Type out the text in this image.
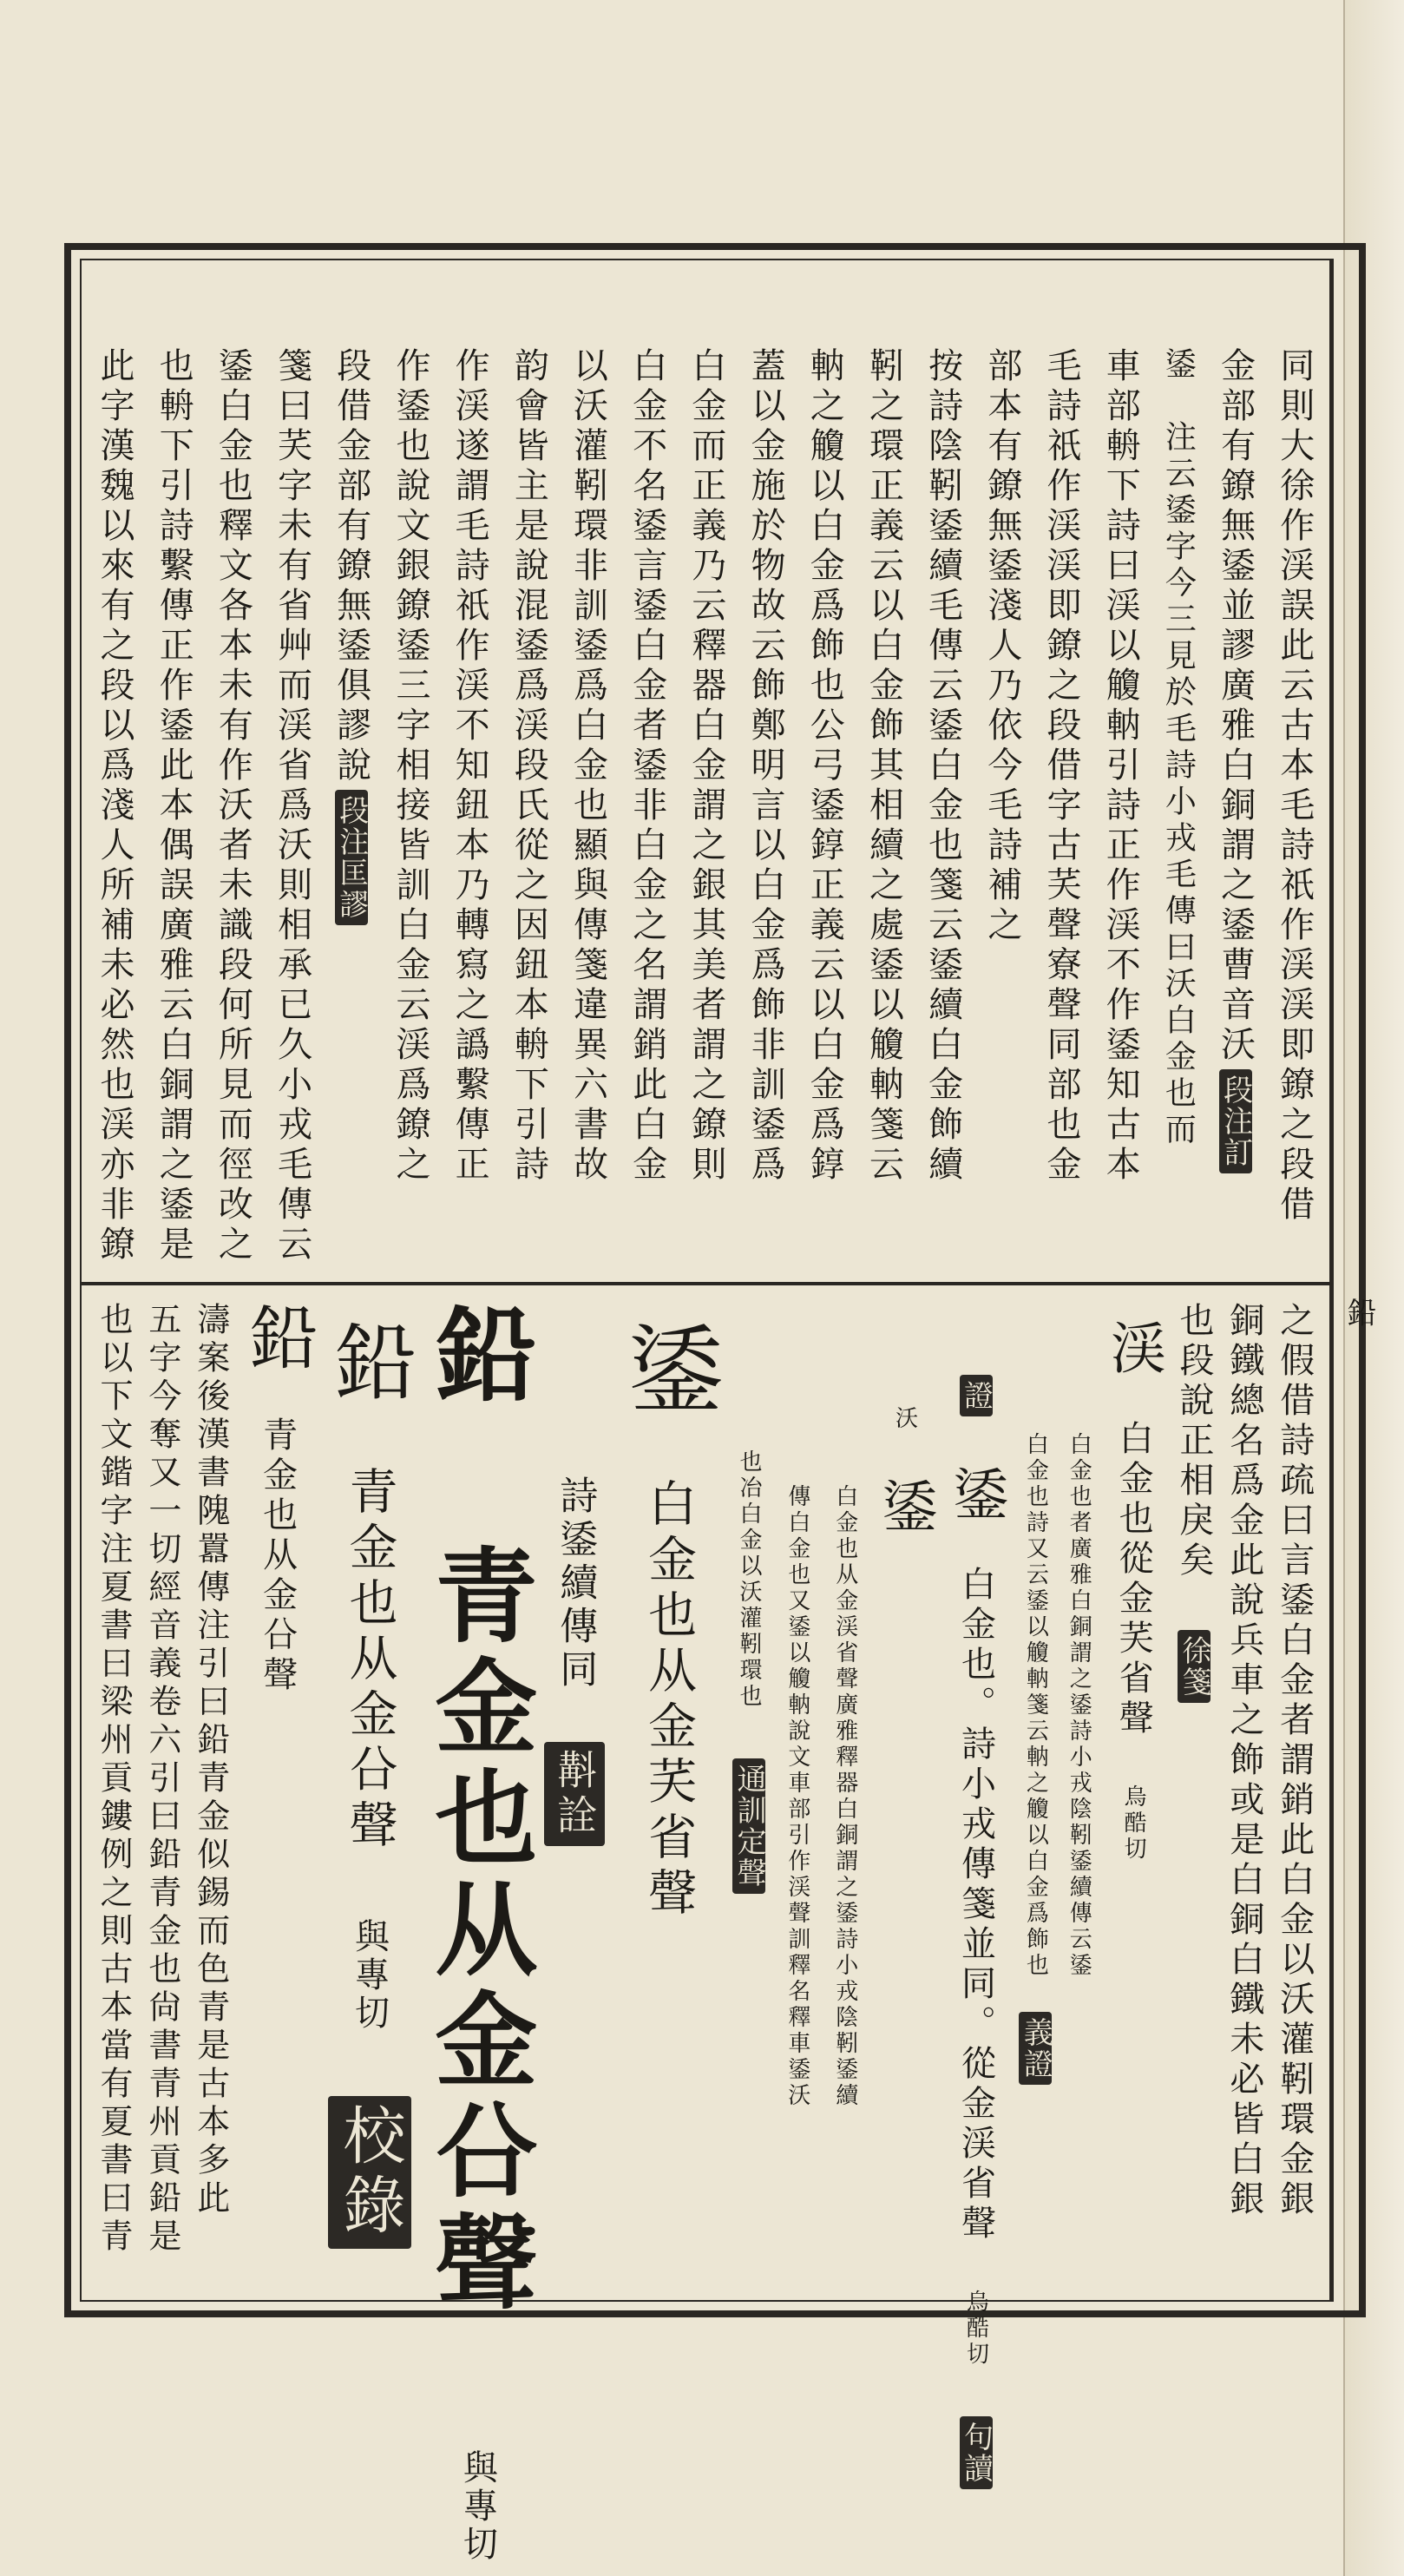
鉛
同則大徐作渓誤此云古本毛詩祇作渓渓即鐐之段借
金部有鐐無鋈並謬廣雅白銅謂之鋈曹音沃段注訂
鋈　注云鋈字今三見於毛詩小戎毛傳曰沃白金也而
車部輈下詩曰渓以觼軜引詩正作渓不作鋈知古本
毛詩祇作渓渓即鐐之段借字古芺聲寮聲同部也金
部本有鐐無鋈淺人乃依今毛詩補之
按詩陰靷鋈續毛傳云鋈白金也箋云鋈續白金飾續
靷之環正義云以白金飾其相續之處鋈以觼軜箋云
軜之觼以白金爲飾也公弓鋈錞正義云以白金爲錞
蓋以金施於物故云飾鄭明言以白金爲飾非訓鋈爲
白金而正義乃云釋器白金謂之銀其美者謂之鐐則
白金不名鋈言鋈白金者鋈非白金之名謂銷此白金
以沃灌靷環非訓鋈爲白金也顯與傳箋違異六書故
韵會皆主是說混鋈爲渓段氏從之因鈕本輈下引詩
作渓遂謂毛詩祇作渓不知鈕本乃轉寫之譌繫傳正
作鋈也說文銀鐐鋈三字相接皆訓白金云渓爲鐐之
段借金部有鐐無鋈俱謬說段注匡謬
箋曰芺字未有省艸而渓省爲沃則相承已久小戎毛傳云
鋈白金也釋文各本未有作沃者未識段何所見而徑改之
也輈下引詩繫傳正作鋈此本偶誤廣雅云白銅謂之鋈是
此字漢魏以來有之段以爲淺人所補未必然也渓亦非鐐
之假借詩疏曰言鋈白金者謂銷此白金以沃灌靷環金銀
銅鐵總名爲金此說兵車之飾或是白銅白鐵未必皆白銀
也段說正相戾矣 徐箋
渓 白金也從金芺省聲 烏酷切
白金也者廣雅白銅謂之鋈詩小戎陰靷鋈續傳云鋈
白金也詩又云鋈以觼軜箋云軜之觼以白金爲飾也 義證
證 鋈 白金也。詩小戎傳箋並同。從金渓省聲 烏酷切 句讀
沃 鋈
白金也从金渓省聲廣雅釋器白銅謂之鋈詩小戎陰靷鋈續
傳白金也又鋈以觼軜說文車部引作渓聲訓釋名釋車鋈沃
也冶白金以沃灌靷環也 通訓定聲
鋈 白金也从金芺省聲
詩鋈續傳同 斠詮
鉛 青金也从金㕣聲 與專切
鉛 青金也从金㕣聲 與專切 校錄
鉛 青金也从金㕣聲
濤案後漢書隗囂傳注引曰鉛青金似錫而色青是古本多此
五字今奪又一切經音義卷六引曰鉛青金也尙書青州貢鉛是
也以下文鍇字注夏書曰梁州貢鏤例之則古本當有夏書曰青
